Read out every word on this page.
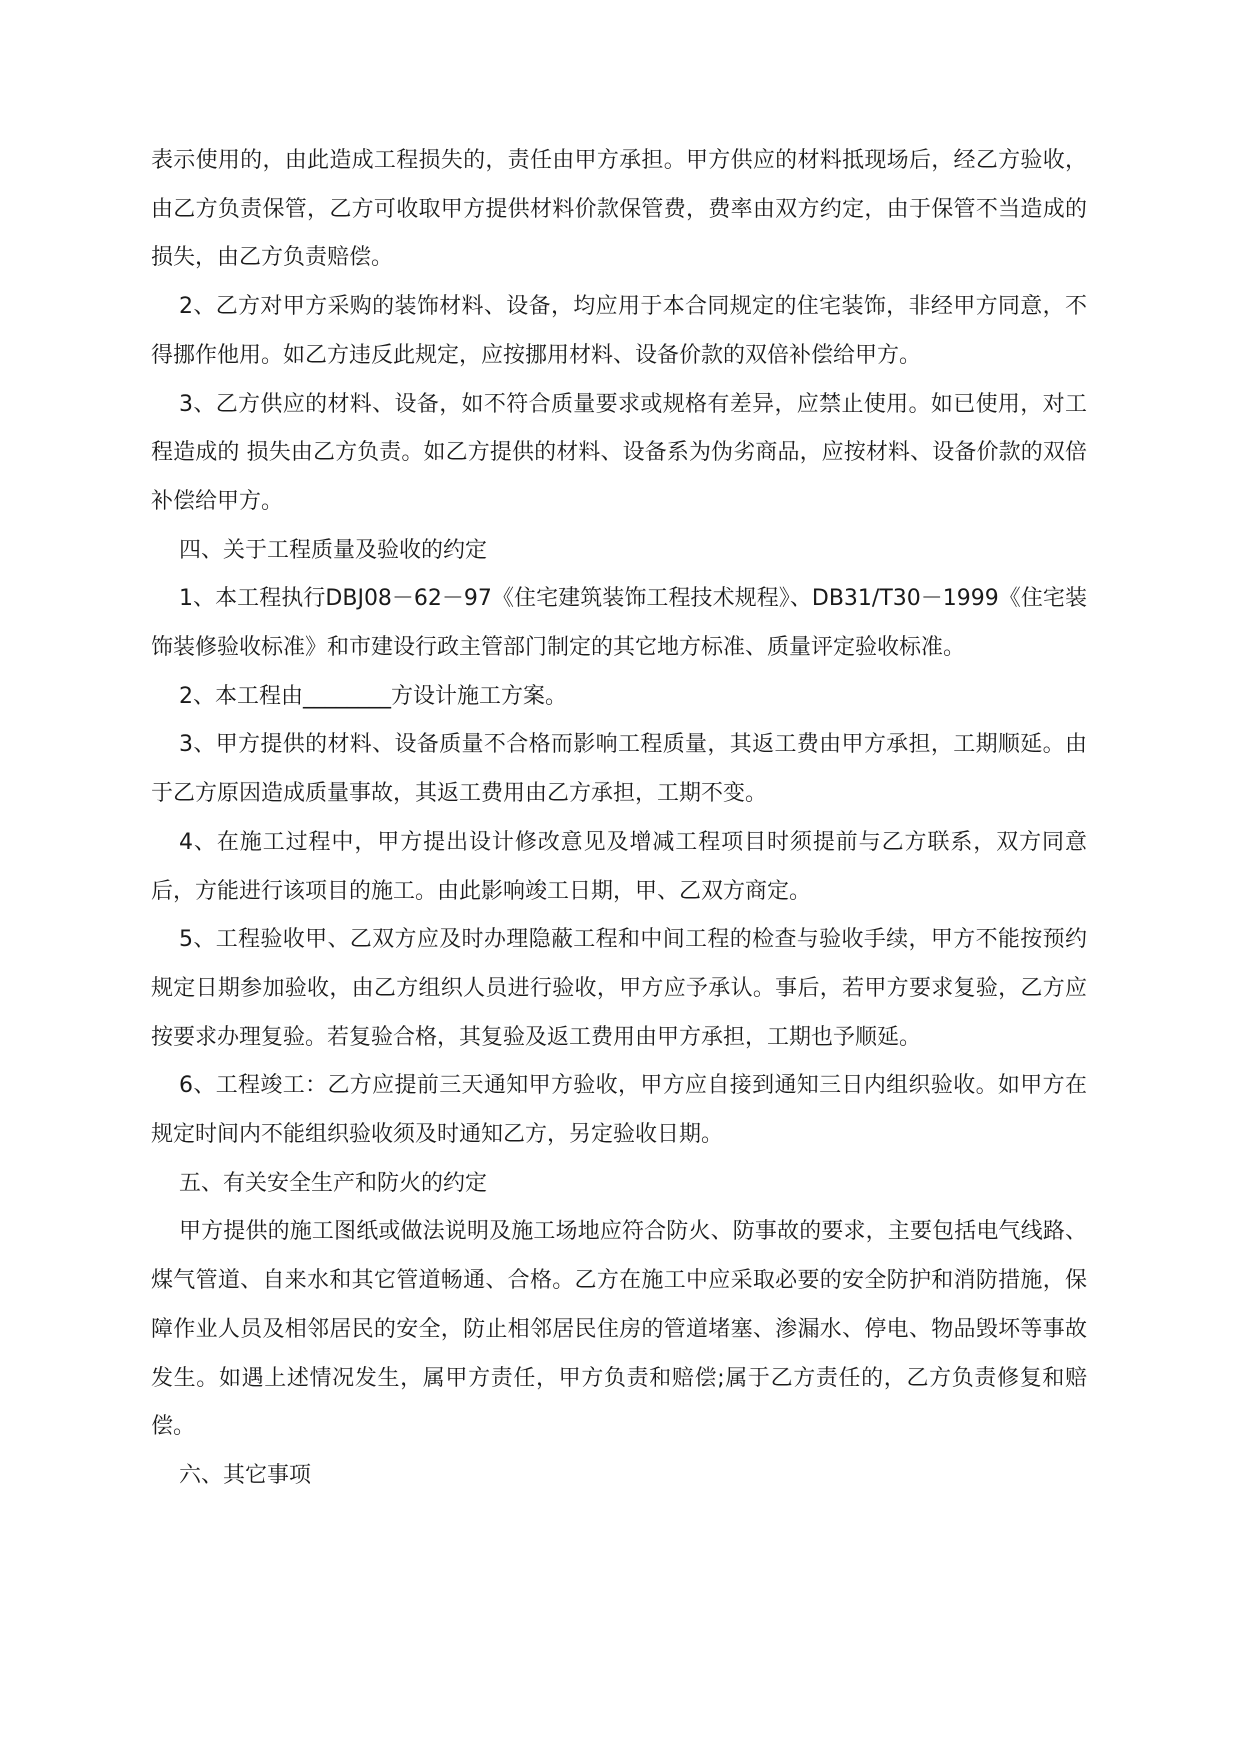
表示使用的，由此造成工程损失的，责任由甲方承担。甲方供应的材料抵现场后，经乙方验收，由乙方负责保管，乙方可收取甲方提供材料价款保管费，费率由双方约定，由于保管不当造成的损失，由乙方负责赔偿。

2、乙方对甲方采购的装饰材料、设备，均应用于本合同规定的住宅装饰，非经甲方同意，不得挪作他用。如乙方违反此规定，应按挪用材料、设备价款的双倍补偿给甲方。

3、乙方供应的材料、设备，如不符合质量要求或规格有差异，应禁止使用。如已使用，对工程造成的 损失由乙方负责。如乙方提供的材料、设备系为伪劣商品，应按材料、设备价款的双倍补偿给甲方。

四、关于工程质量及验收的约定

1、本工程执行DBJ08－62－97《住宅建筑装饰工程技术规程》、DB31/T30－1999《住宅装饰装修验收标准》和市建设行政主管部门制定的其它地方标准、质量评定验收标准。

2、本工程由________方设计施工方案。

3、甲方提供的材料、设备质量不合格而影响工程质量，其返工费由甲方承担，工期顺延。由于乙方原因造成质量事故，其返工费用由乙方承担，工期不变。

4、在施工过程中，甲方提出设计修改意见及增减工程项目时须提前与乙方联系，双方同意后，方能进行该项目的施工。由此影响竣工日期，甲、乙双方商定。

5、工程验收甲、乙双方应及时办理隐蔽工程和中间工程的检查与验收手续，甲方不能按预约规定日期参加验收，由乙方组织人员进行验收，甲方应予承认。事后，若甲方要求复验，乙方应按要求办理复验。若复验合格，其复验及返工费用由甲方承担，工期也予顺延。

6、工程竣工：乙方应提前三天通知甲方验收，甲方应自接到通知三日内组织验收。如甲方在规定时间内不能组织验收须及时通知乙方，另定验收日期。

五、有关安全生产和防火的约定

甲方提供的施工图纸或做法说明及施工场地应符合防火、防事故的要求，主要包括电气线路、煤气管道、自来水和其它管道畅通、合格。乙方在施工中应采取必要的安全防护和消防措施，保障作业人员及相邻居民的安全，防止相邻居民住房的管道堵塞、渗漏水、停电、物品毁坏等事故发生。如遇上述情况发生，属甲方责任，甲方负责和赔偿;属于乙方责任的，乙方负责修复和赔偿。

六、其它事项
